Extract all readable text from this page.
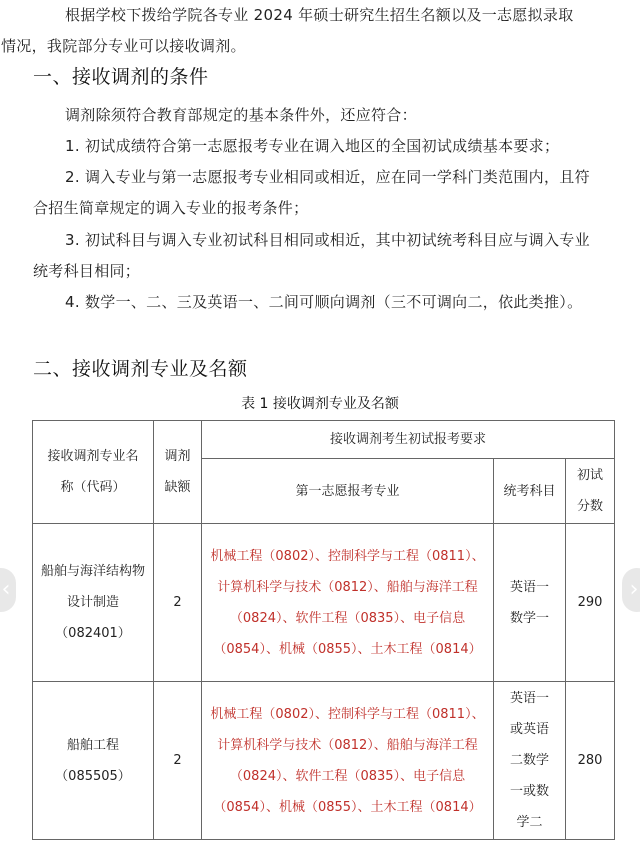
根据学校下拨给学院各专业 2024 年硕士研究生招生名额以及一志愿拟录取
情况，我院部分专业可以接收调剂。

一、接收调剂的条件

调剂除须符合教育部规定的基本条件外，还应符合：

1. 初试成绩符合第一志愿报考专业在调入地区的全国初试成绩基本要求；

2. 调入专业与第一志愿报考专业相同或相近，应在同一学科门类范围内，且符合招生简章规定的调入专业的报考条件；

3. 初试科目与调入专业初试科目相同或相近，其中初试统考科目应与调入专业统考科目相同；

4. 数学一、二、三及英语一、二间可顺向调剂（三不可调向二，依此类推）。

二、接收调剂专业及名额
表 1 接收调剂专业及名额
接收调剂专业名称（代码）	调剂缺额	接收调剂考生初试报考要求		
		第一志愿报考专业	统考科目	初试分数
船舶与海洋结构物设计制造（082401）	2	机械工程（0802）、控制科学与工程（0811）、计算机科学与技术（0812）、船舶与海洋工程（0824）、软件工程（0835）、电子信息（0854）、机械（0855）、土木工程（0814）	英语一数学一	290
船舶工程（085505）	2	机械工程（0802）、控制科学与工程（0811）、计算机科学与技术（0812）、船舶与海洋工程（0824）、软件工程（0835）、电子信息（0854）、机械（0855）、土木工程（0814）	英语一或英语二数学一或数学二	280
‹	›
